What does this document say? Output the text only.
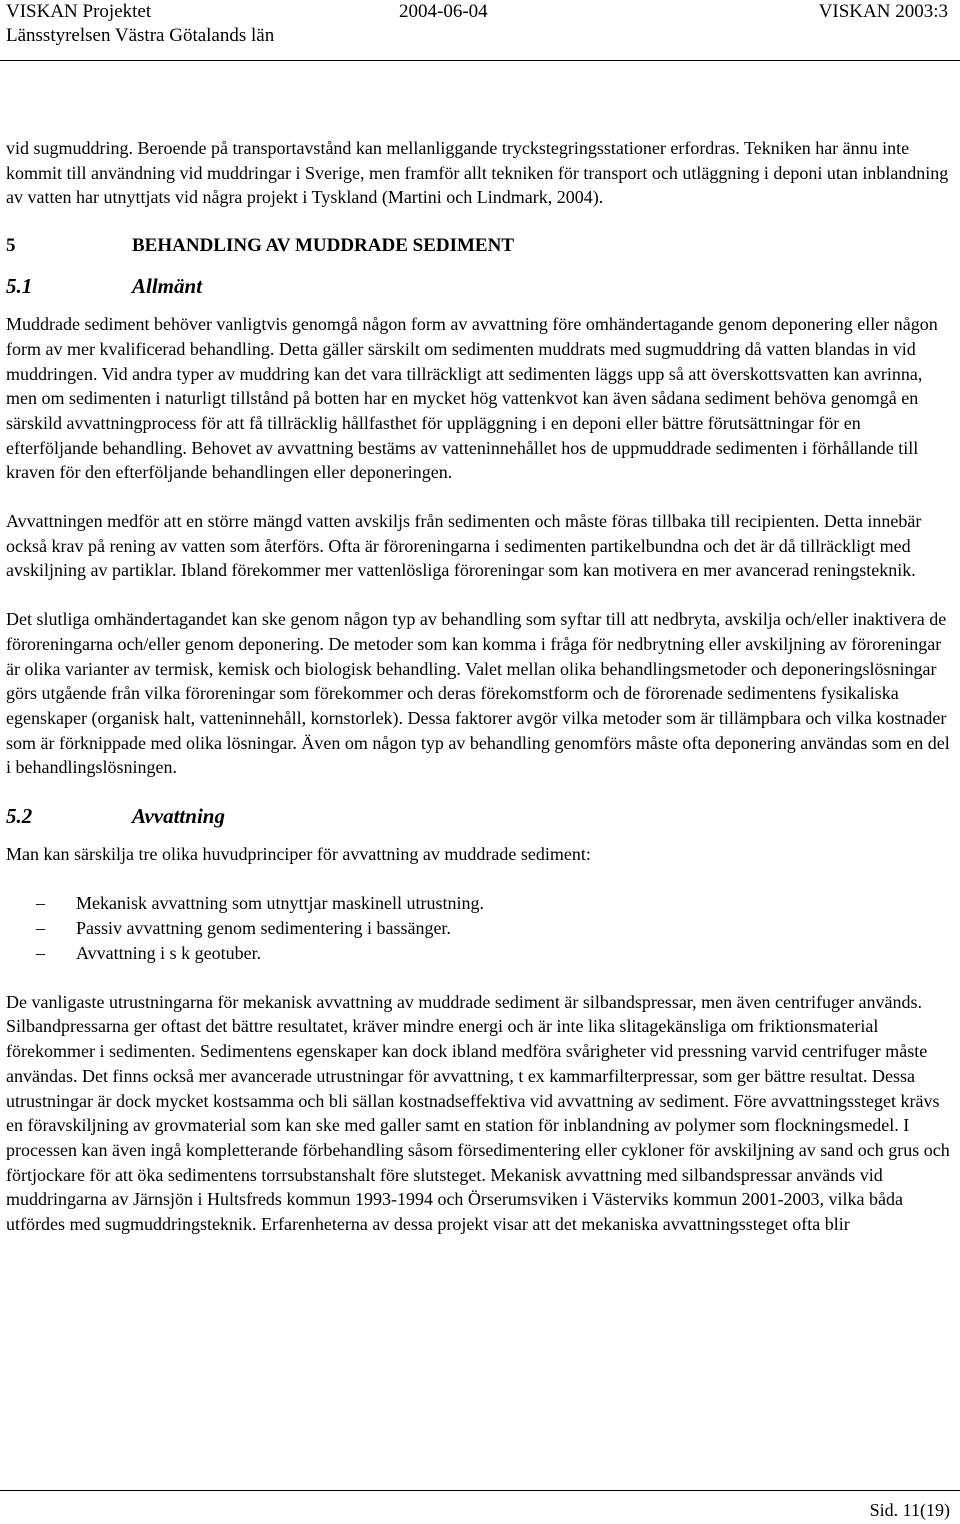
VISKAN Projektet	2004-06-04	VISKAN 2003:3
Länsstyrelsen Västra Götalands län

vid sugmuddring. Beroende på transportavstånd kan mellanliggande tryckstegringsstationer erfordras. Tekniken har ännu inte kommit till användning vid muddringar i Sverige, men framför allt tekniken för transport och utläggning i deponi utan inblandning av vatten har utnyttjats vid några projekt i Tyskland (Martini och Lindmark, 2004).

5	BEHANDLING AV MUDDRADE SEDIMENT
5.1	Allmänt

Muddrade sediment behöver vanligtvis genomgå någon form av avvattning före omhändertagande genom deponering eller någon form av mer kvalificerad behandling. Detta gäller särskilt om sedimenten muddrats med sugmuddring då vatten blandas in vid muddringen. Vid andra typer av muddring kan det vara tillräckligt att sedimenten läggs upp så att överskottsvatten kan avrinna, men om sedimenten i naturligt tillstånd på botten har en mycket hög vattenkvot kan även sådana sediment behöva genomgå en särskild avvattningprocess för att få tillräcklig hållfasthet för uppläggning i en deponi eller bättre förutsättningar för en efterföljande behandling. Behovet av avvattning bestäms av vatteninnehållet hos de uppmuddrade sedimenten i förhållande till kraven för den efterföljande behandlingen eller deponeringen.

Avvattningen medför att en större mängd vatten avskiljs från sedimenten och måste föras tillbaka till recipienten. Detta innebär också krav på rening av vatten som återförs. Ofta är föroreningarna i sedimenten partikelbundna och det är då tillräckligt med avskiljning av partiklar. Ibland förekommer mer vattenlösliga föroreningar som kan motivera en mer avancerad reningsteknik.

Det slutliga omhändertagandet kan ske genom någon typ av behandling som syftar till att nedbryta, avskilja och/eller inaktivera de föroreningarna och/eller genom deponering. De metoder som kan komma i fråga för nedbrytning eller avskiljning av föroreningar är olika varianter av termisk, kemisk och biologisk behandling. Valet mellan olika behandlingsmetoder och deponeringslösningar görs utgående från vilka föroreningar som förekommer och deras förekomstform och de förorenade sedimentens fysikaliska egenskaper (organisk halt, vatteninnehåll, kornstorlek). Dessa faktorer avgör vilka metoder som är tillämpbara och vilka kostnader som är förknippade med olika lösningar. Även om någon typ av behandling genomförs måste ofta deponering användas som en del i behandlingslösningen.

5.2	Avvattning

Man kan särskilja tre olika huvudprinciper för avvattning av muddrade sediment:

–	Mekanisk avvattning som utnyttjar maskinell utrustning.
–	Passiv avvattning genom sedimentering i bassänger.
–	Avvattning i s k geotuber.

De vanligaste utrustningarna för mekanisk avvattning av muddrade sediment är silbandspressar, men även centrifuger används. Silbandpressarna ger oftast det bättre resultatet, kräver mindre energi och är inte lika slitagekänsliga om friktionsmaterial förekommer i sedimenten. Sedimentens egenskaper kan dock ibland medföra svårigheter vid pressning varvid centrifuger måste användas. Det finns också mer avancerade utrustningar för avvattning, t ex kammarfilterpressar, som ger bättre resultat. Dessa utrustningar är dock mycket kostsamma och bli sällan kostnadseffektiva vid avvattning av sediment. Före avvattningssteget krävs en föravskiljning av grovmaterial som kan ske med galler samt en station för inblandning av polymer som flockningsmedel. I processen kan även ingå kompletterande förbehandling såsom försedimentering eller cykloner för avskiljning av sand och grus och förtjockare för att öka sedimentens torrsubstanshalt före slutsteget. Mekanisk avvattning med silbandspressar används vid muddringarna av Järnsjön i Hultsfreds kommun 1993-1994 och Örserumsviken i Västerviks kommun 2001-2003, vilka båda utfördes med sugmuddringsteknik. Erfarenheterna av dessa projekt visar att det mekaniska avvattningssteget ofta blir

Sid. 11(19)
